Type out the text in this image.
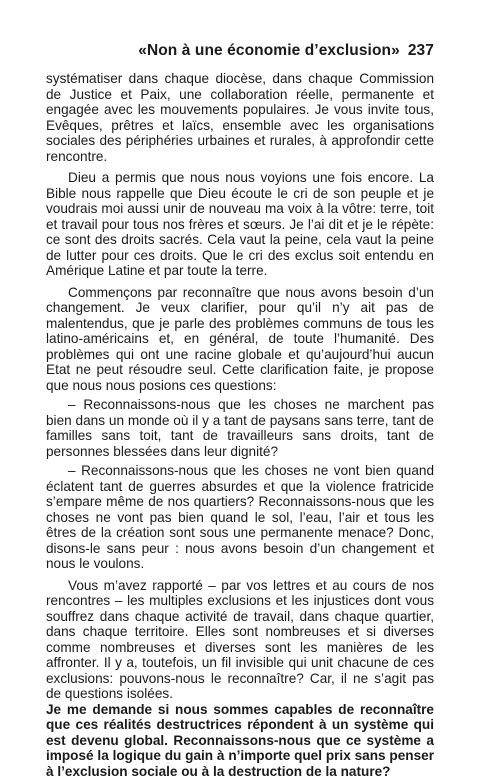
«Non à une économie d’exclusion» 237

systématiser dans chaque diocèse, dans chaque Commission de Justice et Paix, une collaboration réelle, permanente et engagée avec les mouvements populaires. Je vous invite tous, Evêques, prêtres et laïcs, ensemble avec les organisations sociales des périphéries urbaines et rurales, à approfondir cette rencontre.

Dieu a permis que nous nous voyions une fois encore. La Bible nous rappelle que Dieu écoute le cri de son peuple et je voudrais moi aussi unir de nouveau ma voix à la vôtre: terre, toit et travail pour tous nos frères et sœurs. Je l’ai dit et je le répète: ce sont des droits sacrés. Cela vaut la peine, cela vaut la peine de lutter pour ces droits. Que le cri des exclus soit entendu en Amérique Latine et par toute la terre.

Commençons par reconnaître que nous avons besoin d’un changement. Je veux clarifier, pour qu’il n’y ait pas de malentendus, que je parle des problèmes communs de tous les latino-américains et, en général, de toute l’humanité. Des problèmes qui ont une racine globale et qu’aujourd’hui aucun Etat ne peut résoudre seul. Cette clarification faite, je propose que nous nous posions ces questions:

– Reconnaissons-nous que les choses ne marchent pas bien dans un monde où il y a tant de paysans sans terre, tant de familles sans toit, tant de travailleurs sans droits, tant de personnes blessées dans leur dignité?

– Reconnaissons-nous que les choses ne vont bien quand éclatent tant de guerres absurdes et que la violence fratricide s’empare même de nos quartiers? Reconnaissons-nous que les choses ne vont pas bien quand le sol, l’eau, l’air et tous les êtres de la création sont sous une permanente menace? Donc, disons-le sans peur : nous avons besoin d’un changement et nous le voulons.

Vous m’avez rapporté – par vos lettres et au cours de nos rencontres – les multiples exclusions et les injustices dont vous souffrez dans chaque activité de travail, dans chaque quartier, dans chaque territoire. Elles sont nombreuses et si diverses comme nombreuses et diverses sont les manières de les affronter. Il y a, toutefois, un fil invisible qui unit chacune de ces exclusions: pouvons-nous le reconnaître? Car, il ne s’agit pas de questions isolées.

Je me demande si nous sommes capables de reconnaître que ces réalités destructrices répondent à un système qui est devenu global. Reconnaissons-nous que ce système a imposé la logique du gain à n’importe quel prix sans penser à l’exclusion sociale ou à la destruction de la nature?
